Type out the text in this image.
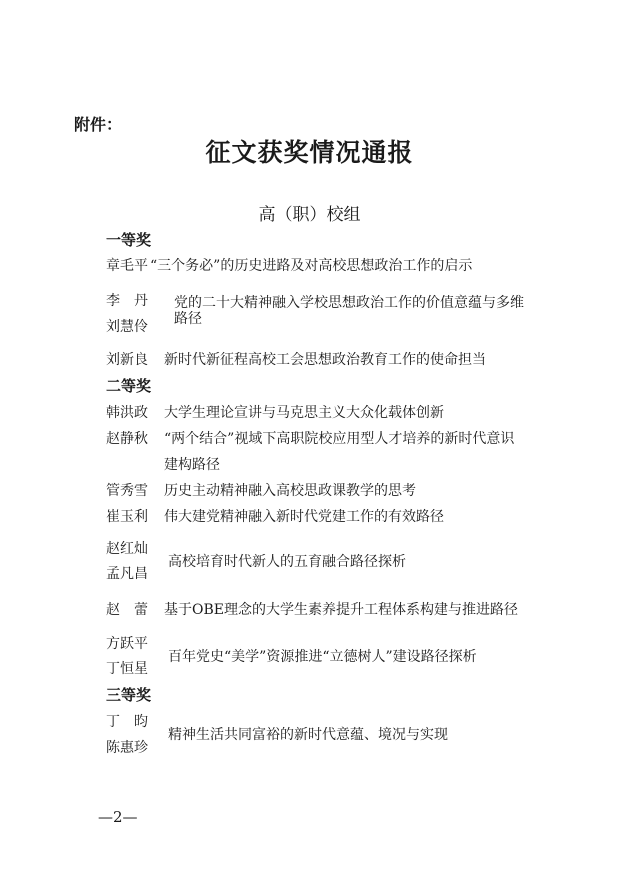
附件：
征文获奖情况通报
高（职）校组
一等奖
章毛平 “三个务必”的历史进路及对高校思想政治工作的启示
李　丹
刘慧伶
党的二十大精神融入学校思想政治工作的价值意蕴与多维
路径
刘新良 新时代新征程高校工会思想政治教育工作的使命担当
二等奖
韩洪政 大学生理论宣讲与马克思主义大众化载体创新
赵静秋 “两个结合”视域下高职院校应用型人才培养的新时代意识
建构路径
管秀雪 历史主动精神融入高校思政课教学的思考
崔玉利 伟大建党精神融入新时代党建工作的有效路径
赵红灿
孟凡昌
高校培育时代新人的五育融合路径探析
赵　蕾 基于OBE理念的大学生素养提升工程体系构建与推进路径
方跃平
丁恒星
百年党史“美学”资源推进“立德树人”建设路径探析
三等奖
丁　昀
陈惠珍
精神生活共同富裕的新时代意蕴、境况与实现
—2—
